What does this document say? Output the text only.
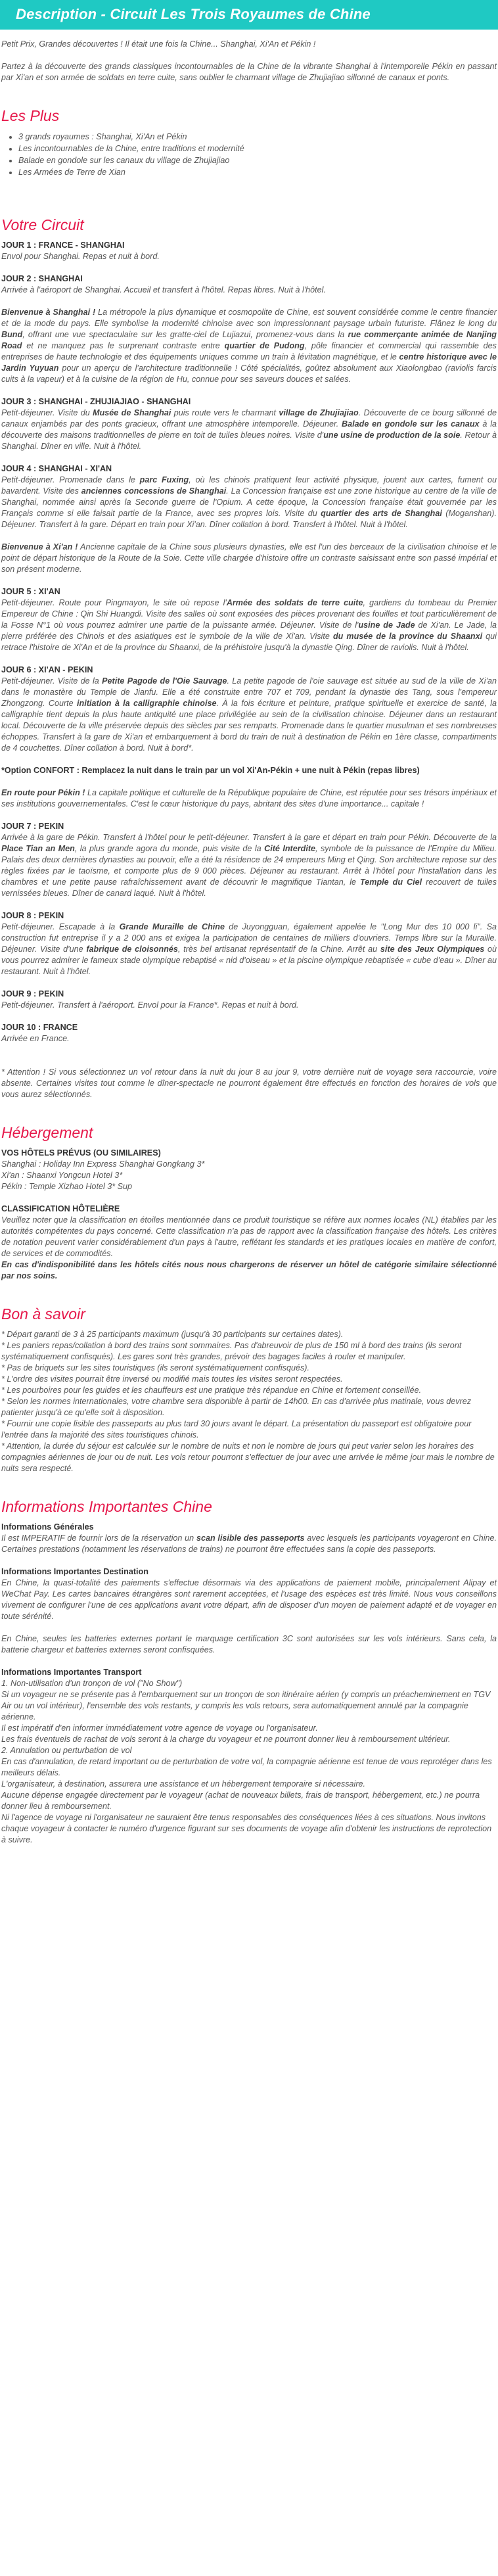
Description - Circuit Les Trois Royaumes de Chine

Petit Prix, Grandes découvertes ! Il était une fois la Chine... Shanghai, Xi'An et Pékin !

Partez à la découverte des grands classiques incontournables de la Chine de la vibrante Shanghai à l'intemporelle Pékin en passant par Xi'an et son armée de soldats en terre cuite, sans oublier le charmant village de Zhujiajiao sillonné de canaux et ponts.

Les Plus
• 3 grands royaumes : Shanghai, Xi'An et Pékin
• Les incontournables de la Chine, entre traditions et modernité
• Balade en gondole sur les canaux du village de Zhujiajiao
• Les Armées de Terre de Xian
Votre Circuit

JOUR 1 : FRANCE - SHANGHAI

Envol pour Shanghai. Repas et nuit à bord.

JOUR 2 : SHANGHAI

Arrivée à l'aéroport de Shanghai. Accueil et transfert à l'hôtel. Repas libres. Nuit à l'hôtel.

Bienvenue à Shanghai ! La métropole la plus dynamique et cosmopolite de Chine, est souvent considérée comme le centre financier et de la mode du pays. Elle symbolise la modernité chinoise avec son impressionnant paysage urbain futuriste. Flânez le long du Bund, offrant une vue spectaculaire sur les gratte-ciel de Lujiazui, promenez-vous dans la rue commerçante animée de Nanjing Road et ne manquez pas le surprenant contraste entre quartier de Pudong, pôle financier et commercial qui rassemble des entreprises de haute technologie et des équipements uniques comme un train à lévitation magnétique, et le centre historique avec le Jardin Yuyuan pour un aperçu de l'architecture traditionnelle ! Côté spécialités, goûtez absolument aux Xiaolongbao (raviolis farcis cuits à la vapeur) et à la cuisine de la région de Hu, connue pour ses saveurs douces et salées.

JOUR 3 : SHANGHAI - ZHUJIAJIAO - SHANGHAI

Petit-déjeuner. Visite du Musée de Shanghai puis route vers le charmant village de Zhujiajiao. Découverte de ce bourg sillonné de canaux enjambés par des ponts gracieux, offrant une atmosphère intemporelle. Déjeuner. Balade en gondole sur les canaux à la découverte des maisons traditionnelles de pierre en toit de tuiles bleues noires. Visite d'une usine de production de la soie. Retour à Shanghai. Dîner en ville. Nuit à l'hôtel.

JOUR 4 : SHANGHAI - XI'AN

Petit-déjeuner. Promenade dans le parc Fuxing, où les chinois pratiquent leur activité physique, jouent aux cartes, fument ou bavardent. Visite des anciennes concessions de Shanghai. La Concession française est une zone historique au centre de la ville de Shanghai, nommée ainsi après la Seconde guerre de l'Opium. A cette époque, la Concession française était gouvernée par les Français comme si elle faisait partie de la France, avec ses propres lois. Visite du quartier des arts de Shanghai (Moganshan). Déjeuner. Transfert à la gare. Départ en train pour Xi'an. Dîner collation à bord. Transfert à l'hôtel. Nuit à l'hôtel.

Bienvenue à Xi'an ! Ancienne capitale de la Chine sous plusieurs dynasties, elle est l'un des berceaux de la civilisation chinoise et le point de départ historique de la Route de la Soie. Cette ville chargée d'histoire offre un contraste saisissant entre son passé impérial et son présent moderne.

JOUR 5 : XI'AN

Petit-déjeuner. Route pour Pingmayon, le site où repose l'Armée des soldats de terre cuite, gardiens du tombeau du Premier Empereur de Chine : Qin Shi Huangdi. Visite des salles où sont exposées des pièces provenant des fouilles et tout particulièrement de la Fosse N°1 où vous pourrez admirer une partie de la puissante armée. Déjeuner. Visite de l'usine de Jade de Xi'an. Le Jade, la pierre préférée des Chinois et des asiatiques est le symbole de la ville de Xi'an. Visite du musée de la province du Shaanxi qui retrace l'histoire de Xi'An et de la province du Shaanxi, de la préhistoire jusqu'à la dynastie Qing. Dîner de raviolis. Nuit à l'hôtel.

JOUR 6 : XI'AN - PEKIN

Petit-déjeuner. Visite de la Petite Pagode de l'Oie Sauvage. La petite pagode de l'oie sauvage est située au sud de la ville de Xi'an dans le monastère du Temple de Jianfu. Elle a été construite entre 707 et 709, pendant la dynastie des Tang, sous l'empereur Zhongzong. Courte initiation à la calligraphie chinoise. À la fois écriture et peinture, pratique spirituelle et exercice de santé, la calligraphie tient depuis la plus haute antiquité une place privilégiée au sein de la civilisation chinoise. Déjeuner dans un restaurant local. Découverte de la ville préservée depuis des siècles par ses remparts. Promenade dans le quartier musulman et ses nombreuses échoppes. Transfert à la gare de Xi'an et embarquement à bord du train de nuit à destination de Pékin en 1ère classe, compartiments de 4 couchettes. Dîner collation à bord. Nuit à bord*.

*Option CONFORT : Remplacez la nuit dans le train par un vol Xi'An-Pékin + une nuit à Pékin (repas libres)

En route pour Pékin ! La capitale politique et culturelle de la République populaire de Chine, est réputée pour ses trésors impériaux et ses institutions gouvernementales. C'est le cœur historique du pays, abritant des sites d'une importance... capitale !

JOUR 7 : PEKIN

Arrivée à la gare de Pékin. Transfert à l'hôtel pour le petit-déjeuner. Transfert à la gare et départ en train pour Pékin. Découverte de la Place Tian an Men, la plus grande agora du monde, puis visite de la Cité Interdite, symbole de la puissance de l'Empire du Milieu. Palais des deux dernières dynasties au pouvoir, elle a été la résidence de 24 empereurs Ming et Qing. Son architecture repose sur des règles fixées par le taoïsme, et comporte plus de 9 000 pièces. Déjeuner au restaurant. Arrêt à l'hôtel pour l'installation dans les chambres et une petite pause rafraîchissement avant de découvrir le magnifique Tiantan, le Temple du Ciel recouvert de tuiles vernissées bleues. Dîner de canard laqué. Nuit à l'hôtel.

JOUR 8 : PEKIN

Petit-déjeuner. Escapade à la Grande Muraille de Chine de Juyongguan, également appelée le "Long Mur des 10 000 li". Sa construction fut entreprise il y a 2 000 ans et exigea la participation de centaines de milliers d'ouvriers. Temps libre sur la Muraille. Déjeuner. Visite d'une fabrique de cloisonnés, très bel artisanat représentatif de la Chine. Arrêt au site des Jeux Olympiques où vous pourrez admirer le fameux stade olympique rebaptisé « nid d'oiseau » et la piscine olympique rebaptisée « cube d'eau ». Dîner au restaurant. Nuit à l'hôtel.

JOUR 9 : PEKIN

Petit-déjeuner. Transfert à l'aéroport. Envol pour la France*. Repas et nuit à bord.

JOUR 10 : FRANCE

Arrivée en France.

* Attention ! Si vous sélectionnez un vol retour dans la nuit du jour 8 au jour 9, votre dernière nuit de voyage sera raccourcie, voire absente. Certaines visites tout comme le dîner-spectacle ne pourront également être effectués en fonction des horaires de vols que vous aurez sélectionnés.

Hébergement

VOS HÔTELS PRÉVUS (OU SIMILAIRES)

Shanghai : Holiday Inn Express Shanghai Gongkang 3*

Xi'an : Shaanxi Yongcun Hotel 3*

Pékin : Temple Xizhao Hotel 3* Sup

CLASSIFICATION HÔTELIÈRE

Veuillez noter que la classification en étoiles mentionnée dans ce produit touristique se réfère aux normes locales (NL) établies par les autorités compétentes du pays concerné. Cette classification n'a pas de rapport avec la classification française des hôtels. Les critères de notation peuvent varier considérablement d'un pays à l'autre, reflétant les standards et les pratiques locales en matière de confort, de services et de commodités.

En cas d'indisponibilité dans les hôtels cités nous nous chargerons de réserver un hôtel de catégorie similaire sélectionné par nos soins.

Bon à savoir

* Départ garanti de 3 à 25 participants maximum (jusqu'à 30 participants sur certaines dates).

* Les paniers repas/collation à bord des trains sont sommaires. Pas d'abreuvoir de plus de 150 ml à bord des trains (ils seront systématiquement confisqués). Les gares sont très grandes, prévoir des bagages faciles à rouler et manipuler.

* Pas de briquets sur les sites touristiques (ils seront systématiquement confisqués).

* L'ordre des visites pourrait être inversé ou modifié mais toutes les visites seront respectées.

* Les pourboires pour les guides et les chauffeurs est une pratique très répandue en Chine et fortement conseillée.

* Selon les normes internationales, votre chambre sera disponible à partir de 14h00. En cas d'arrivée plus matinale, vous devrez patienter jusqu'à ce qu'elle soit à disposition.

* Fournir une copie lisible des passeports au plus tard 30 jours avant le départ. La présentation du passeport est obligatoire pour l'entrée dans la majorité des sites touristiques chinois.

* Attention, la durée du séjour est calculée sur le nombre de nuits et non le nombre de jours qui peut varier selon les horaires des compagnies aériennes de jour ou de nuit. Les vols retour pourront s'effectuer de jour avec une arrivée le même jour mais le nombre de nuits sera respecté.

Informations Importantes Chine

Informations Générales

Il est IMPERATIF de fournir lors de la réservation un scan lisible des passeports avec lesquels les participants voyageront en Chine. Certaines prestations (notamment les réservations de trains) ne pourront être effectuées sans la copie des passeports.

Informations Importantes Destination

En Chine, la quasi-totalité des paiements s'effectue désormais via des applications de paiement mobile, principalement Alipay et WeChat Pay. Les cartes bancaires étrangères sont rarement acceptées, et l'usage des espèces est très limité. Nous vous conseillons vivement de configurer l'une de ces applications avant votre départ, afin de disposer d'un moyen de paiement adapté et de voyager en toute sérénité.

En Chine, seules les batteries externes portant le marquage certification 3C sont autorisées sur les vols intérieurs. Sans cela, la batterie chargeur et batteries externes seront confisquées.

Informations Importantes Transport

1. Non-utilisation d'un tronçon de vol ("No Show")

Si un voyageur ne se présente pas à l'embarquement sur un tronçon de son itinéraire aérien (y compris un préacheminement en TGV Air ou un vol intérieur), l'ensemble des vols restants, y compris les vols retours, sera automatiquement annulé par la compagnie aérienne.

Il est impératif d'en informer immédiatement votre agence de voyage ou l'organisateur.

Les frais éventuels de rachat de vols seront à la charge du voyageur et ne pourront donner lieu à remboursement ultérieur.

2. Annulation ou perturbation de vol

En cas d'annulation, de retard important ou de perturbation de votre vol, la compagnie aérienne est tenue de vous reprotéger dans les meilleurs délais.

L'organisateur, à destination, assurera une assistance et un hébergement temporaire si nécessaire.

Aucune dépense engagée directement par le voyageur (achat de nouveaux billets, frais de transport, hébergement, etc.) ne pourra donner lieu à remboursement.

Ni l'agence de voyage ni l'organisateur ne sauraient être tenus responsables des conséquences liées à ces situations. Nous invitons chaque voyageur à contacter le numéro d'urgence figurant sur ses documents de voyage afin d'obtenir les instructions de reprotection à suivre.
